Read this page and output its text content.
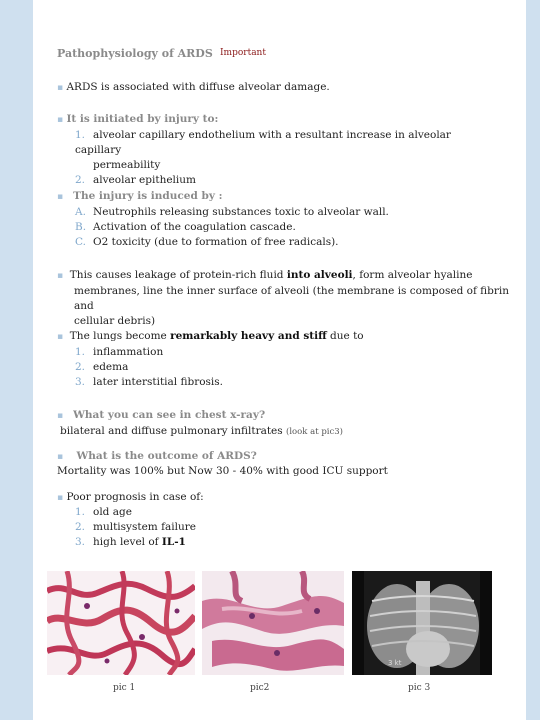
Pathophysiology of ARDS Important
▪ ARDS is associated with diffuse alveolar damage.
▪ It is initiated by injury to:
1. alveolar capillary endothelium with a resultant increase in alveolar capillary
permeability
2. alveolar epithelium
▪ The injury is induced by :
A. Neutrophils releasing substances toxic to alveolar wall.
B. Activation of the coagulation cascade.
C. O2 toxicity (due to formation of free radicals).
▪ This causes leakage of protein-rich fluid into alveoli, form alveolar hyaline
membranes, line the inner surface of alveoli (the membrane is composed of fibrin and
cellular debris)
▪ The lungs become remarkably heavy and stiff due to
1. inflammation
2. edema
3. later interstitial fibrosis.
▪ What you can see in chest x-ray?
bilateral and diffuse pulmonary infiltrates (look at pic3)
▪ What is the outcome of ARDS?
Mortality was 100% but Now 30 - 40% with good ICU support
▪ Poor prognosis in case of:
1. old age
2. multisystem failure
3. high level of IL-1
3 kt
pic 1	pic2	pic 3
